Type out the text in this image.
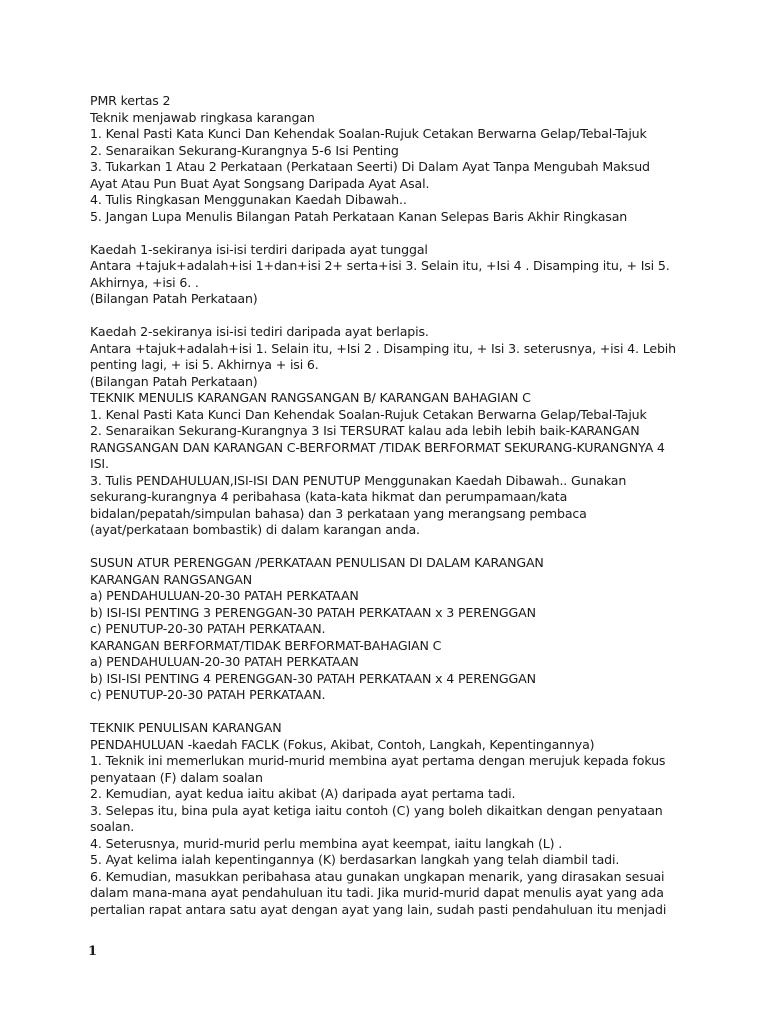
PMR kertas 2
Teknik menjawab ringkasa karangan
1. Kenal Pasti Kata Kunci Dan Kehendak Soalan-Rujuk Cetakan Berwarna Gelap/Tebal-Tajuk
2. Senaraikan Sekurang-Kurangnya 5-6 Isi Penting
3. Tukarkan 1 Atau 2 Perkataan (Perkataan Seerti) Di Dalam Ayat Tanpa Mengubah Maksud
Ayat Atau Pun Buat Ayat Songsang Daripada Ayat Asal.
4. Tulis Ringkasan Menggunakan Kaedah Dibawah..
5. Jangan Lupa Menulis Bilangan Patah Perkataan Kanan Selepas Baris Akhir Ringkasan
Kaedah 1-sekiranya isi-isi terdiri daripada ayat tunggal
Antara +tajuk+adalah+isi 1+dan+isi 2+ serta+isi 3. Selain itu, +Isi 4 . Disamping itu, + Isi 5.
Akhirnya, +isi 6. .
(Bilangan Patah Perkataan)
Kaedah 2-sekiranya isi-isi tediri daripada ayat berlapis.
Antara +tajuk+adalah+isi 1. Selain itu, +Isi 2 . Disamping itu, + Isi 3. seterusnya, +isi 4. Lebih
penting lagi, + isi 5. Akhirnya + isi 6.
(Bilangan Patah Perkataan)
TEKNIK MENULIS KARANGAN RANGSANGAN B/ KARANGAN BAHAGIAN C
1. Kenal Pasti Kata Kunci Dan Kehendak Soalan-Rujuk Cetakan Berwarna Gelap/Tebal-Tajuk
2. Senaraikan Sekurang-Kurangnya 3 Isi TERSURAT kalau ada lebih lebih baik-KARANGAN
RANGSANGAN DAN KARANGAN C-BERFORMAT /TIDAK BERFORMAT SEKURANG-KURANGNYA 4
ISI.
3. Tulis PENDAHULUAN,ISI-ISI DAN PENUTUP Menggunakan Kaedah Dibawah.. Gunakan
sekurang-kurangnya 4 peribahasa (kata-kata hikmat dan perumpamaan/kata
bidalan/pepatah/simpulan bahasa) dan 3 perkataan yang merangsang pembaca
(ayat/perkataan bombastik) di dalam karangan anda.
SUSUN ATUR PERENGGAN /PERKATAAN PENULISAN DI DALAM KARANGAN
KARANGAN RANGSANGAN
a) PENDAHULUAN-20-30 PATAH PERKATAAN
b) ISI-ISI PENTING 3 PERENGGAN-30 PATAH PERKATAAN x 3 PERENGGAN
c) PENUTUP-20-30 PATAH PERKATAAN.
KARANGAN BERFORMAT/TIDAK BERFORMAT-BAHAGIAN C
a) PENDAHULUAN-20-30 PATAH PERKATAAN
b) ISI-ISI PENTING 4 PERENGGAN-30 PATAH PERKATAAN x 4 PERENGGAN
c) PENUTUP-20-30 PATAH PERKATAAN.
TEKNIK PENULISAN KARANGAN
PENDAHULUAN -kaedah FACLK (Fokus, Akibat, Contoh, Langkah, Kepentingannya)
1. Teknik ini memerlukan murid-murid membina ayat pertama dengan merujuk kepada fokus
penyataan (F) dalam soalan
2. Kemudian, ayat kedua iaitu akibat (A) daripada ayat pertama tadi.
3. Selepas itu, bina pula ayat ketiga iaitu contoh (C) yang boleh dikaitkan dengan penyataan
soalan.
4. Seterusnya, murid-murid perlu membina ayat keempat, iaitu langkah (L) .
5. Ayat kelima ialah kepentingannya (K) berdasarkan langkah yang telah diambil tadi.
6. Kemudian, masukkan peribahasa atau gunakan ungkapan menarik, yang dirasakan sesuai
dalam mana-mana ayat pendahuluan itu tadi. Jika murid-murid dapat menulis ayat yang ada
pertalian rapat antara satu ayat dengan ayat yang lain, sudah pasti pendahuluan itu menjadi
1
